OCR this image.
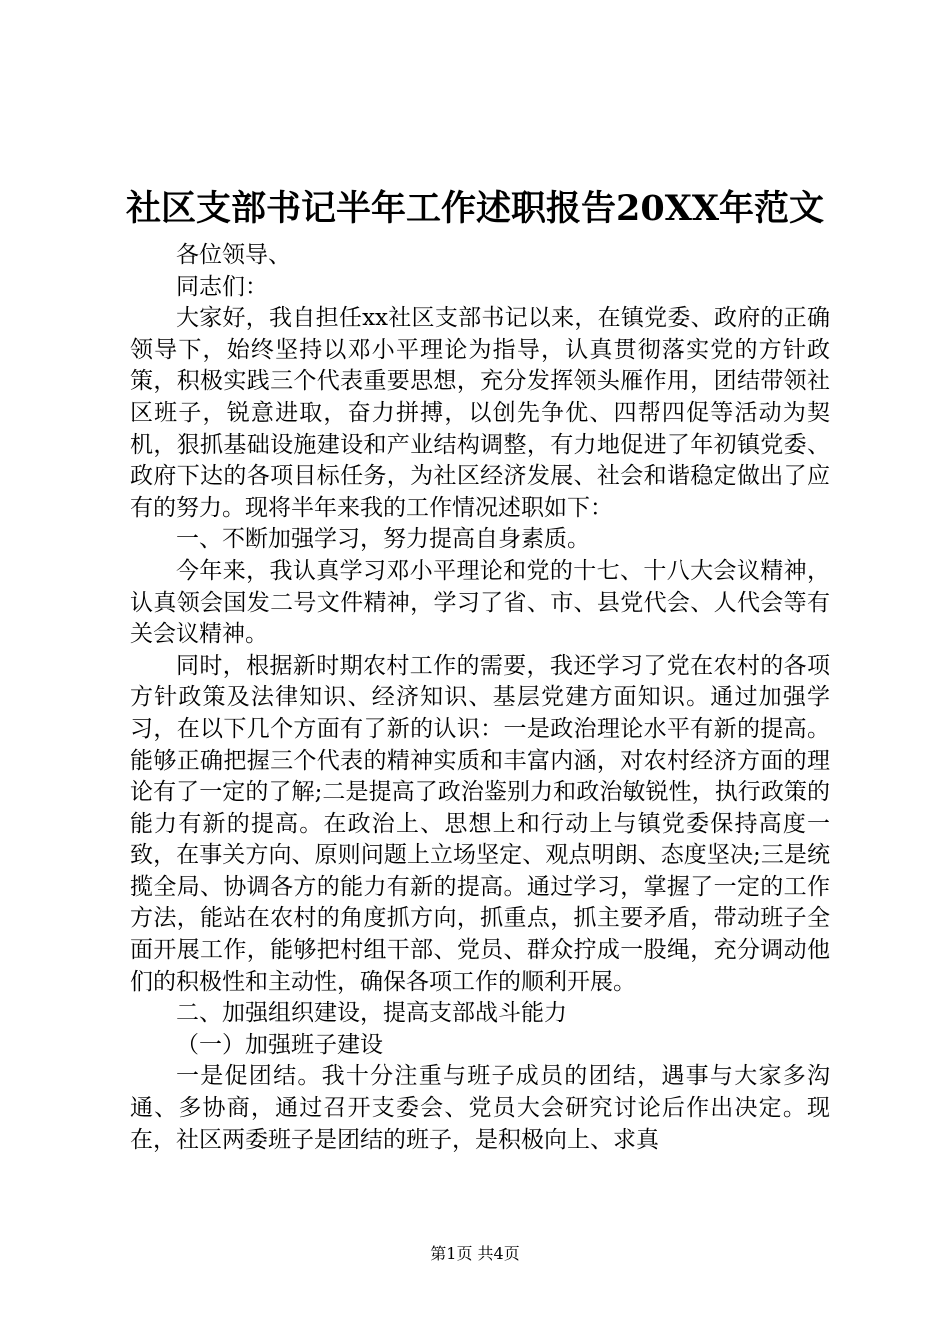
社区支部书记半年工作述职报告20XX年范文

各位领导、

同志们：

大家好，我自担任xx社区支部书记以来，在镇党委、政府的正确领导下，始终坚持以邓小平理论为指导，认真贯彻落实党的方针政策，积极实践三个代表重要思想，充分发挥领头雁作用，团结带领社区班子，锐意进取，奋力拼搏，以创先争优、四帮四促等活动为契机，狠抓基础设施建设和产业结构调整，有力地促进了年初镇党委、政府下达的各项目标任务，为社区经济发展、社会和谐稳定做出了应有的努力。现将半年来我的工作情况述职如下：

一、不断加强学习，努力提高自身素质。

今年来，我认真学习邓小平理论和党的十七、十八大会议精神，认真领会国发二号文件精神，学习了省、市、县党代会、人代会等有关会议精神。

同时，根据新时期农村工作的需要，我还学习了党在农村的各项方针政策及法律知识、经济知识、基层党建方面知识。通过加强学习，在以下几个方面有了新的认识：一是政治理论水平有新的提高。能够正确把握三个代表的精神实质和丰富内涵，对农村经济方面的理论有了一定的了解;二是提高了政治鉴别力和政治敏锐性，执行政策的能力有新的提高。在政治上、思想上和行动上与镇党委保持高度一致，在事关方向、原则问题上立场坚定、观点明朗、态度坚决;三是统揽全局、协调各方的能力有新的提高。通过学习，掌握了一定的工作方法，能站在农村的角度抓方向，抓重点，抓主要矛盾，带动班子全面开展工作，能够把村组干部、党员、群众拧成一股绳，充分调动他们的积极性和主动性，确保各项工作的顺利开展。

二、加强组织建设，提高支部战斗能力

（一）加强班子建设

一是促团结。我十分注重与班子成员的团结，遇事与大家多沟通、多协商，通过召开支委会、党员大会研究讨论后作出决定。现在，社区两委班子是团结的班子，是积极向上、求真

第1页 共4页
